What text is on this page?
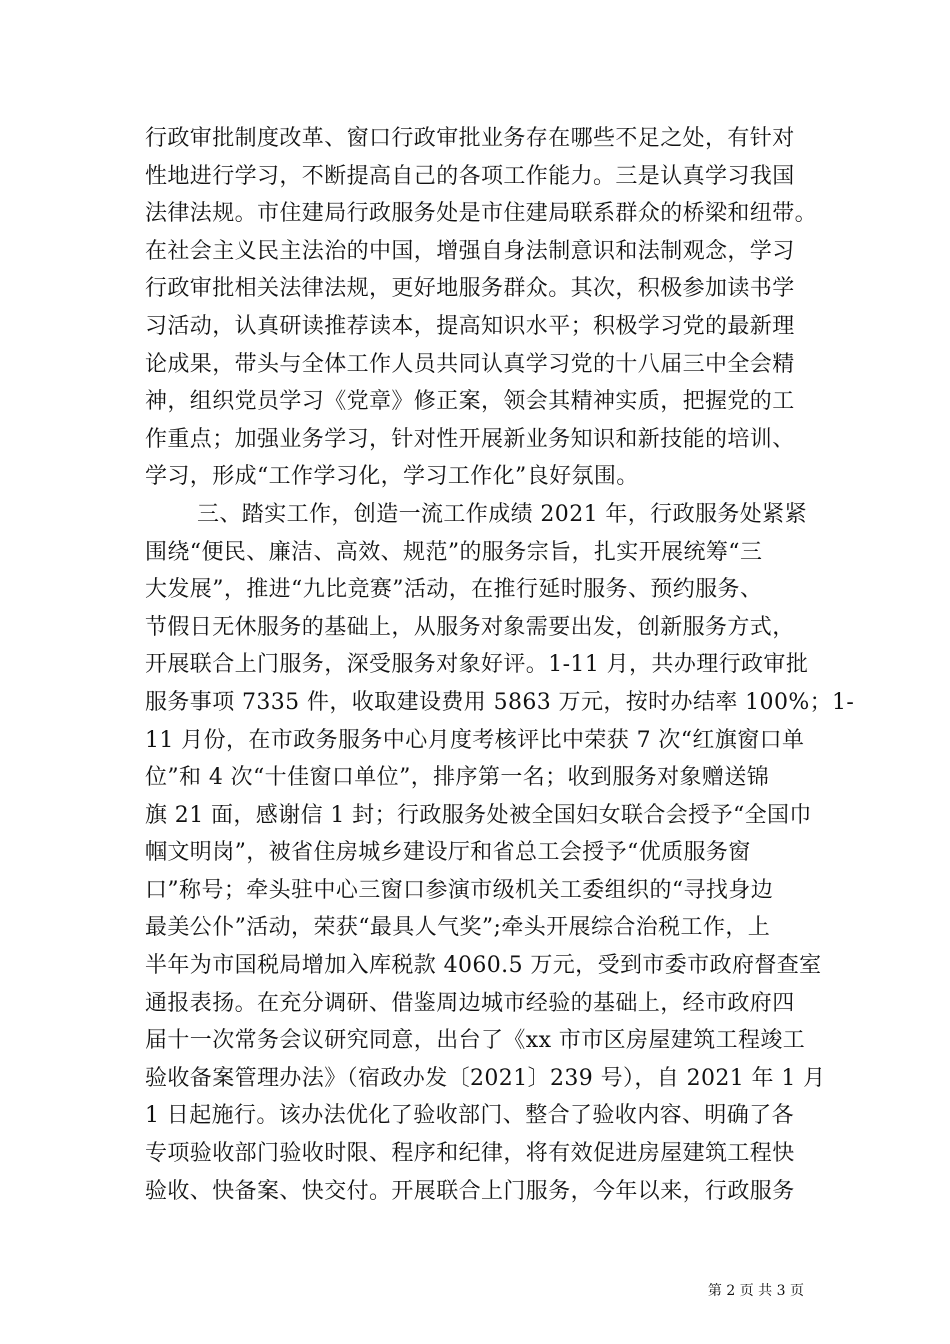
行政审批制度改革、窗口行政审批业务存在哪些不足之处，有针对
性地进行学习，不断提高自己的各项工作能力。三是认真学习我国
法律法规。市住建局行政服务处是市住建局联系群众的桥梁和纽带。
在社会主义民主法治的中国，增强自身法制意识和法制观念，学习
行政审批相关法律法规，更好地服务群众。其次，积极参加读书学
习活动，认真研读推荐读本，提高知识水平；积极学习党的最新理
论成果，带头与全体工作人员共同认真学习党的十八届三中全会精
神，组织党员学习《党章》修正案，领会其精神实质，把握党的工
作重点；加强业务学习，针对性开展新业务知识和新技能的培训、
学习，形成“工作学习化，学习工作化”良好氛围。
三、踏实工作，创造一流工作成绩 2021 年，行政服务处紧紧
围绕“便民、廉洁、高效、规范”的服务宗旨，扎实开展统筹“三
大发展”，推进“九比竞赛”活动，在推行延时服务、预约服务、
节假日无休服务的基础上，从服务对象需要出发，创新服务方式，
开展联合上门服务，深受服务对象好评。1-11 月，共办理行政审批
服务事项 7335 件，收取建设费用 5863 万元，按时办结率 100%；1-
11 月份，在市政务服务中心月度考核评比中荣获 7 次“红旗窗口单
位”和 4 次“十佳窗口单位”，排序第一名；收到服务对象赠送锦
旗 21 面，感谢信 1 封；行政服务处被全国妇女联合会授予“全国巾
帼文明岗”，被省住房城乡建设厅和省总工会授予“优质服务窗
口”称号；牵头驻中心三窗口参演市级机关工委组织的“寻找身边
最美公仆”活动，荣获“最具人气奖”;牵头开展综合治税工作，上
半年为市国税局增加入库税款 4060.5 万元，受到市委市政府督查室
通报表扬。在充分调研、借鉴周边城市经验的基础上，经市政府四
届十一次常务会议研究同意，出台了《xx 市市区房屋建筑工程竣工
验收备案管理办法》（宿政办发〔2021〕239 号），自 2021 年 1 月
1 日起施行。该办法优化了验收部门、整合了验收内容、明确了各
专项验收部门验收时限、程序和纪律，将有效促进房屋建筑工程快
验收、快备案、快交付。开展联合上门服务，今年以来，行政服务
第 2 页 共 3 页
